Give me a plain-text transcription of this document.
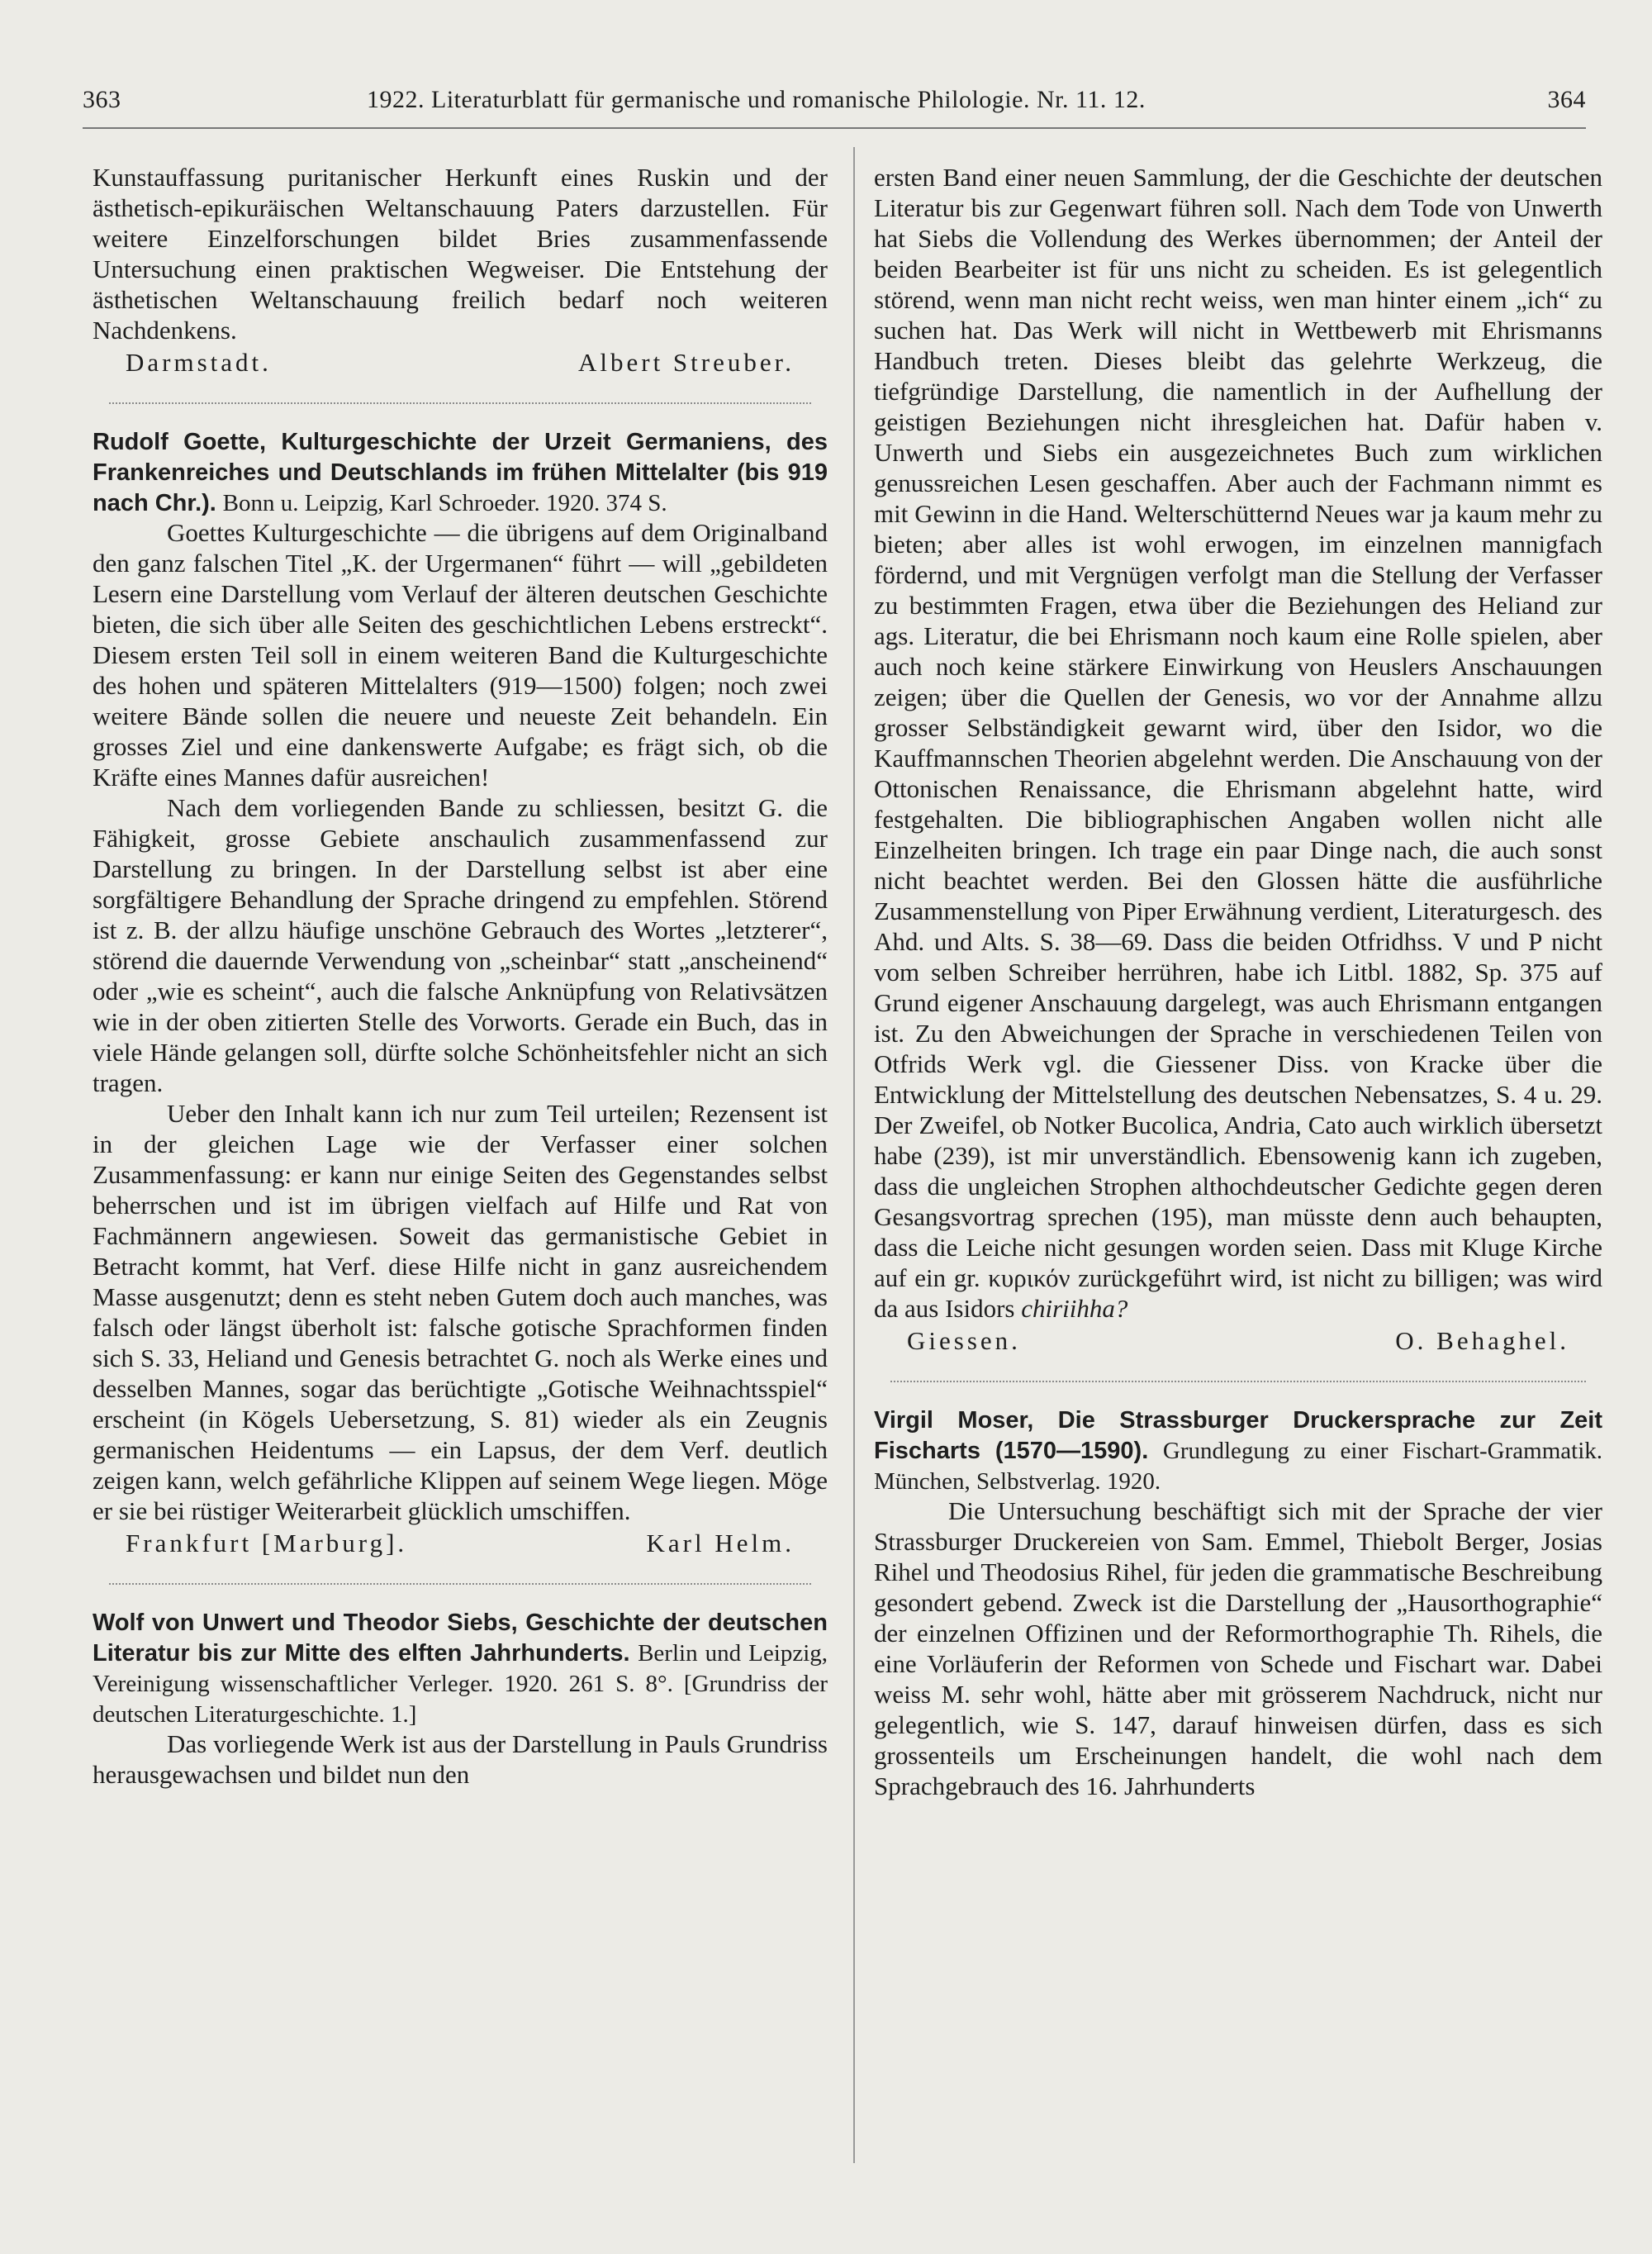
363	1922. Literaturblatt für germanische und romanische Philologie. Nr. 11. 12.	364

Kunstauffassung puritanischer Herkunft eines Ruskin und der ästhetisch-epikuräischen Weltanschauung Paters darzustellen. Für weitere Einzelforschungen bildet Bries zusammenfassende Untersuchung einen praktischen Wegweiser. Die Entstehung der ästhetischen Weltanschauung freilich bedarf noch weiteren Nachdenkens.

Darmstadt.	Albert Streuber.

Rudolf Goette, Kulturgeschichte der Urzeit Germaniens, des Frankenreiches und Deutschlands im frühen Mittelalter (bis 919 nach Chr.). Bonn u. Leipzig, Karl Schroeder. 1920. 374 S.

Goettes Kulturgeschichte — die übrigens auf dem Originalband den ganz falschen Titel „K. der Urgermanen“ führt — will „gebildeten Lesern eine Darstellung vom Verlauf der älteren deutschen Geschichte bieten, die sich über alle Seiten des geschichtlichen Lebens erstreckt“. Diesem ersten Teil soll in einem weiteren Band die Kulturgeschichte des hohen und späteren Mittelalters (919—1500) folgen; noch zwei weitere Bände sollen die neuere und neueste Zeit behandeln. Ein grosses Ziel und eine dankenswerte Aufgabe; es frägt sich, ob die Kräfte eines Mannes dafür ausreichen!

Nach dem vorliegenden Bande zu schliessen, besitzt G. die Fähigkeit, grosse Gebiete anschaulich zusammenfassend zur Darstellung zu bringen. In der Darstellung selbst ist aber eine sorgfältigere Behandlung der Sprache dringend zu empfehlen. Störend ist z. B. der allzu häufige unschöne Gebrauch des Wortes „letzterer“, störend die dauernde Verwendung von „scheinbar“ statt „anscheinend“ oder „wie es scheint“, auch die falsche Anknüpfung von Relativsätzen wie in der oben zitierten Stelle des Vorworts. Gerade ein Buch, das in viele Hände gelangen soll, dürfte solche Schönheitsfehler nicht an sich tragen.

Ueber den Inhalt kann ich nur zum Teil urteilen; Rezensent ist in der gleichen Lage wie der Verfasser einer solchen Zusammenfassung: er kann nur einige Seiten des Gegenstandes selbst beherrschen und ist im übrigen vielfach auf Hilfe und Rat von Fachmännern angewiesen. Soweit das germanistische Gebiet in Betracht kommt, hat Verf. diese Hilfe nicht in ganz ausreichendem Masse ausgenutzt; denn es steht neben Gutem doch auch manches, was falsch oder längst überholt ist: falsche gotische Sprachformen finden sich S. 33, Heliand und Genesis betrachtet G. noch als Werke eines und desselben Mannes, sogar das berüchtigte „Gotische Weihnachtsspiel“ erscheint (in Kögels Uebersetzung, S. 81) wieder als ein Zeugnis germanischen Heidentums — ein Lapsus, der dem Verf. deutlich zeigen kann, welch gefährliche Klippen auf seinem Wege liegen. Möge er sie bei rüstiger Weiterarbeit glücklich umschiffen.

Frankfurt [Marburg].	Karl Helm.

Wolf von Unwert und Theodor Siebs, Geschichte der deutschen Literatur bis zur Mitte des elften Jahrhunderts. Berlin und Leipzig, Vereinigung wissenschaftlicher Verleger. 1920. 261 S. 8°. [Grundriss der deutschen Literaturgeschichte. 1.]

Das vorliegende Werk ist aus der Darstellung in Pauls Grundriss herausgewachsen und bildet nun den

ersten Band einer neuen Sammlung, der die Geschichte der deutschen Literatur bis zur Gegenwart führen soll. Nach dem Tode von Unwerth hat Siebs die Vollendung des Werkes übernommen; der Anteil der beiden Bearbeiter ist für uns nicht zu scheiden. Es ist gelegentlich störend, wenn man nicht recht weiss, wen man hinter einem „ich“ zu suchen hat. Das Werk will nicht in Wettbewerb mit Ehrismanns Handbuch treten. Dieses bleibt das gelehrte Werkzeug, die tiefgründige Darstellung, die namentlich in der Aufhellung der geistigen Beziehungen nicht ihresgleichen hat. Dafür haben v. Unwerth und Siebs ein ausgezeichnetes Buch zum wirklichen genussreichen Lesen geschaffen. Aber auch der Fachmann nimmt es mit Gewinn in die Hand. Welterschütternd Neues war ja kaum mehr zu bieten; aber alles ist wohl erwogen, im einzelnen mannigfach fördernd, und mit Vergnügen verfolgt man die Stellung der Verfasser zu bestimmten Fragen, etwa über die Beziehungen des Heliand zur ags. Literatur, die bei Ehrismann noch kaum eine Rolle spielen, aber auch noch keine stärkere Einwirkung von Heuslers Anschauungen zeigen; über die Quellen der Genesis, wo vor der Annahme allzu grosser Selbständigkeit gewarnt wird, über den Isidor, wo die Kauffmannschen Theorien abgelehnt werden. Die Anschauung von der Ottonischen Renaissance, die Ehrismann abgelehnt hatte, wird festgehalten. Die bibliographischen Angaben wollen nicht alle Einzelheiten bringen. Ich trage ein paar Dinge nach, die auch sonst nicht beachtet werden. Bei den Glossen hätte die ausführliche Zusammenstellung von Piper Erwähnung verdient, Literaturgesch. des Ahd. und Alts. S. 38—69. Dass die beiden Otfridhss. V und P nicht vom selben Schreiber herrühren, habe ich Litbl. 1882, Sp. 375 auf Grund eigener Anschauung dargelegt, was auch Ehrismann entgangen ist. Zu den Abweichungen der Sprache in verschiedenen Teilen von Otfrids Werk vgl. die Giessener Diss. von Kracke über die Entwicklung der Mittelstellung des deutschen Nebensatzes, S. 4 u. 29. Der Zweifel, ob Notker Bucolica, Andria, Cato auch wirklich übersetzt habe (239), ist mir unverständlich. Ebensowenig kann ich zugeben, dass die ungleichen Strophen althochdeutscher Gedichte gegen deren Gesangsvortrag sprechen (195), man müsste denn auch behaupten, dass die Leiche nicht gesungen worden seien. Dass mit Kluge Kirche auf ein gr. κυρικόν zurückgeführt wird, ist nicht zu billigen; was wird da aus Isidors chiriihha?

Giessen.	O. Behaghel.

Virgil Moser, Die Strassburger Druckersprache zur Zeit Fischarts (1570—1590). Grundlegung zu einer Fischart-Grammatik. München, Selbstverlag. 1920.

Die Untersuchung beschäftigt sich mit der Sprache der vier Strassburger Druckereien von Sam. Emmel, Thiebolt Berger, Josias Rihel und Theodosius Rihel, für jeden die grammatische Beschreibung gesondert gebend. Zweck ist die Darstellung der „Hausorthographie“ der einzelnen Offizinen und der Reformorthographie Th. Rihels, die eine Vorläuferin der Reformen von Schede und Fischart war. Dabei weiss M. sehr wohl, hätte aber mit grösserem Nachdruck, nicht nur gelegentlich, wie S. 147, darauf hinweisen dürfen, dass es sich grossenteils um Erscheinungen handelt, die wohl nach dem Sprachgebrauch des 16. Jahrhunderts
